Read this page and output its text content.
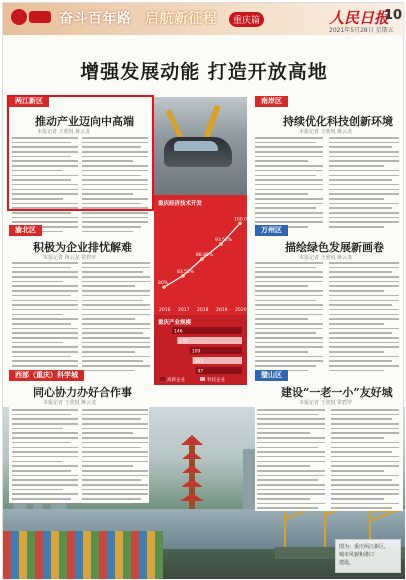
奋斗百年路 启航新征程	重庆篇	人民日报
10
2021年5月28日 星期五
增强发展动能 打造开放高地
两江新区
推动产业迈向中高端
本报记者 王欣悦 蒋云龙
重庆经济技术开发
80%
2016
83.55%
2017
88.80%
2018
93.52%
2019
100.00%
2020
重庆产业规模
146
135
109
103
97
高新企业	科技企业
南岸区
持续优化科技创新环境
本报记者 王欣悦 蒋云龙
渝北区
积极为企业排忧解难
本报记者 蒋云龙 常碧罗
万州区
描绘绿色发展新画卷
本报记者 王欣悦 蒋云龙
西部（重庆）科学城
同心协力办好合作事
本报记者 王欣悦 蒋云龙
璧山区
建设“一老一小”友好城
本报记者 王欣悦 常碧罗
图为：重庆两江新区，
城市风貌和港口
建设。
